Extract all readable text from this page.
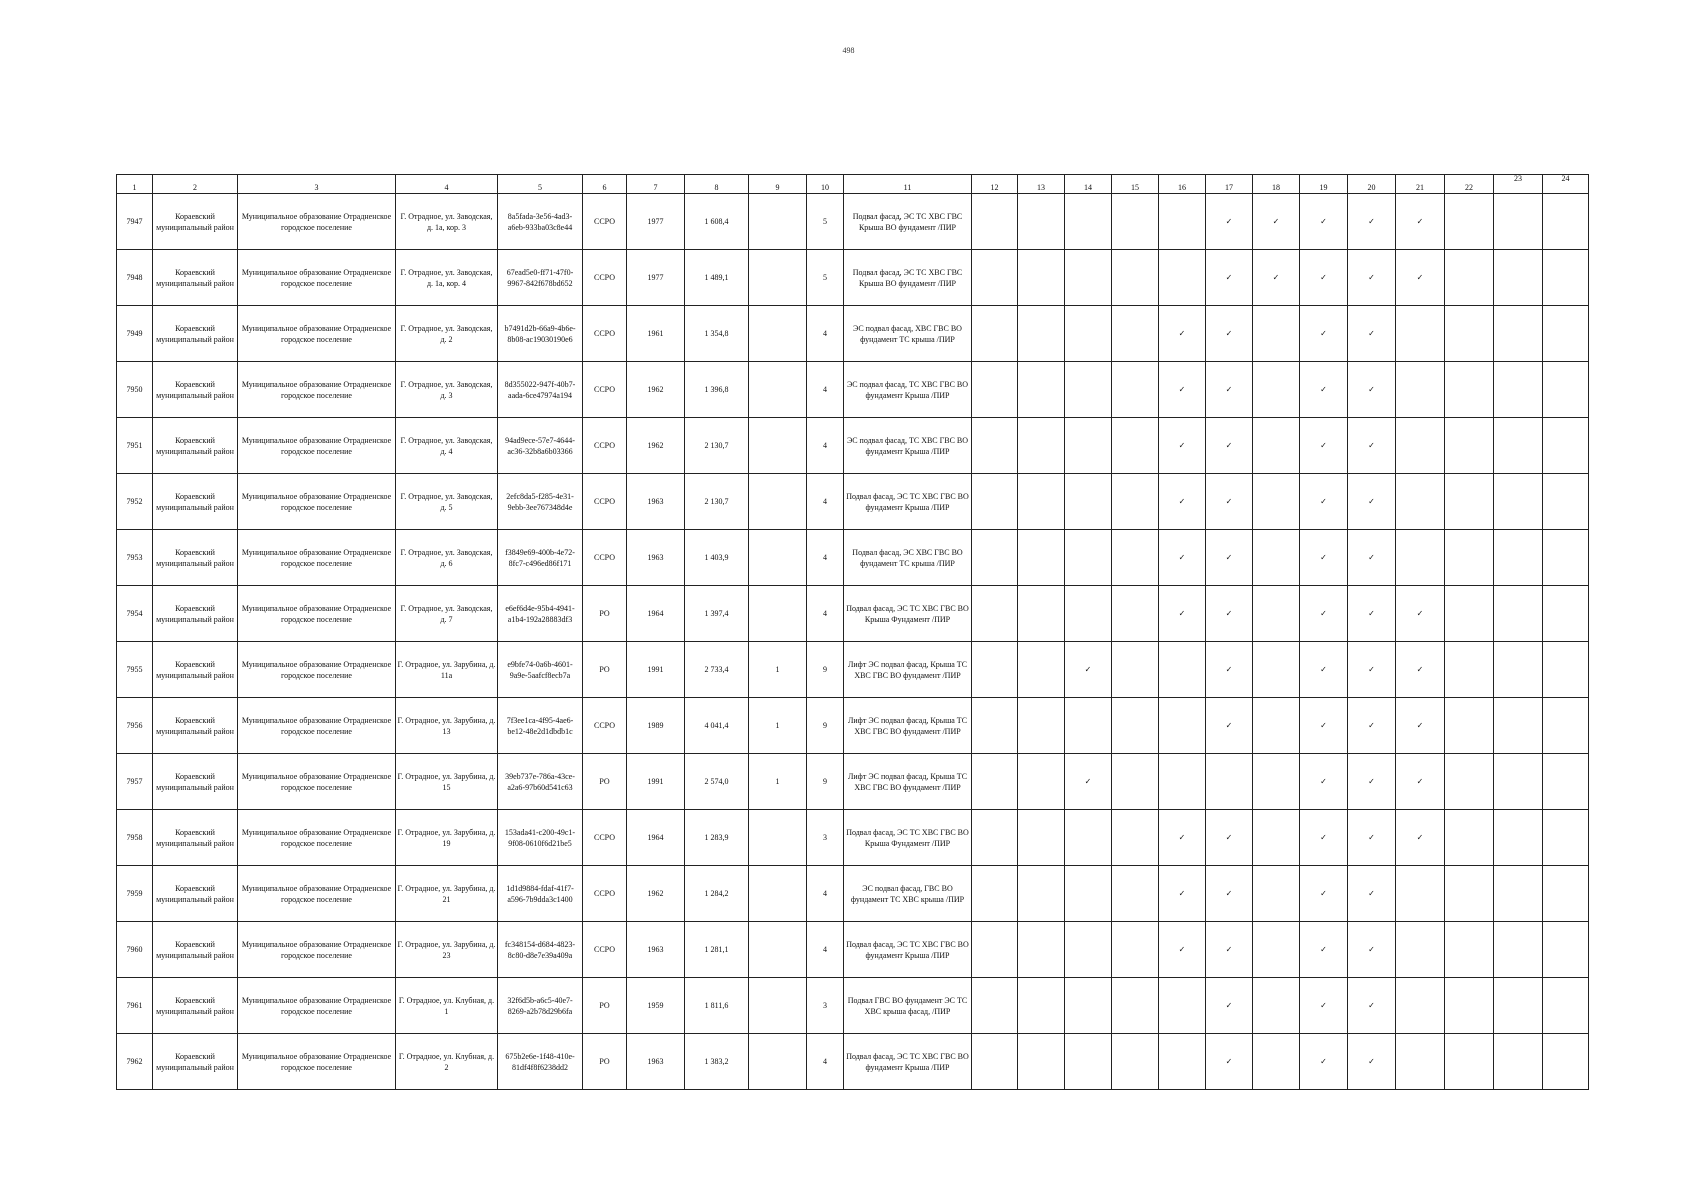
498
1	2	3	4	5	6	7	8	9	10	11	12	13	14	15	16	17	18	19	20	21	22	23	24
7947	Кораевский муниципальный район	Муниципальное образование Отрадненское городское поселение	Г. Отрадное, ул. Заводская, д. 1а, кор. 3	8a5fada-3e56-4ad3-a6eb-933ba03c8e44	ССРО	1977	1 608,4		5	Подвал фасад, ЭС ТС ХВС ГВС Крыша ВО фундамент /ПИР						✓	✓	✓	✓	✓			
7948	Кораевский муниципальный район	Муниципальное образование Отрадненское городское поселение	Г. Отрадное, ул. Заводская, д. 1а, кор. 4	67ead5e0-ff71-47f0-9967-842f678bd652	ССРО	1977	1 489,1		5	Подвал фасад, ЭС ТС ХВС ГВС Крыша ВО фундамент /ПИР						✓	✓	✓	✓	✓			
7949	Кораевский муниципальный район	Муниципальное образование Отрадненское городское поселение	Г. Отрадное, ул. Заводская, д. 2	b7491d2b-66a9-4b6e-8b08-ac19030190e6	ССРО	1961	1 354,8		4	ЭС подвал фасад, ХВС ГВС ВО фундамент ТС крыша /ПИР					✓	✓		✓	✓				
7950	Кораевский муниципальный район	Муниципальное образование Отрадненское городское поселение	Г. Отрадное, ул. Заводская, д. 3	8d355022-947f-40b7-aada-6ce47974a194	ССРО	1962	1 396,8		4	ЭС подвал фасад, ТС ХВС ГВС ВО фундамент Крыша /ПИР					✓	✓		✓	✓				
7951	Кораевский муниципальный район	Муниципальное образование Отрадненское городское поселение	Г. Отрадное, ул. Заводская, д. 4	94ad9ece-57e7-4644-ac36-32b8a6b03366	ССРО	1962	2 130,7		4	ЭС подвал фасад, ТС ХВС ГВС ВО фундамент Крыша /ПИР					✓	✓		✓	✓				
7952	Кораевский муниципальный район	Муниципальное образование Отрадненское городское поселение	Г. Отрадное, ул. Заводская, д. 5	2efc8da5-f285-4e31-9ebb-3ee767348d4e	ССРО	1963	2 130,7		4	Подвал фасад, ЭС ТС ХВС ГВС ВО фундамент Крыша /ПИР					✓	✓		✓	✓				
7953	Кораевский муниципальный район	Муниципальное образование Отрадненское городское поселение	Г. Отрадное, ул. Заводская, д. 6	f3849e69-400b-4e72-8fc7-c496ed86f171	ССРО	1963	1 403,9		4	Подвал фасад, ЭС ХВС ГВС ВО фундамент ТС крыша /ПИР					✓	✓		✓	✓				
7954	Кораевский муниципальный район	Муниципальное образование Отрадненское городское поселение	Г. Отрадное, ул. Заводская, д. 7	e6ef6d4e-95b4-4941-a1b4-192a28883df3	РО	1964	1 397,4		4	Подвал фасад, ЭС ТС ХВС ГВС ВО Крыша Фундамент /ПИР					✓	✓		✓	✓	✓			
7955	Кораевский муниципальный район	Муниципальное образование Отрадненское городское поселение	Г. Отрадное, ул. Зарубина, д. 11а	e9bfe74-0a6b-4601-9a9e-5aafcf8ecb7a	РО	1991	2 733,4	1	9	Лифт ЭС подвал фасад, Крыша ТС ХВС ГВС ВО фундамент /ПИР			✓			✓		✓	✓	✓			
7956	Кораевский муниципальный район	Муниципальное образование Отрадненское городское поселение	Г. Отрадное, ул. Зарубина, д. 13	7f3ee1ca-4f95-4ae6-be12-48e2d1dbdb1c	ССРО	1989	4 041,4	1	9	Лифт ЭС подвал фасад, Крыша ТС ХВС ГВС ВО фундамент /ПИР						✓		✓	✓	✓			
7957	Кораевский муниципальный район	Муниципальное образование Отрадненское городское поселение	Г. Отрадное, ул. Зарубина, д. 15	39eb737e-786a-43ce-a2a6-97b60d541c63	РО	1991	2 574,0	1	9	Лифт ЭС подвал фасад, Крыша ТС ХВС ГВС ВО фундамент /ПИР			✓					✓	✓	✓			
7958	Кораевский муниципальный район	Муниципальное образование Отрадненское городское поселение	Г. Отрадное, ул. Зарубина, д. 19	153ada41-c200-49c1-9f08-0610f6d21be5	ССРО	1964	1 283,9		3	Подвал фасад, ЭС ТС ХВС ГВС ВО Крыша Фундамент /ПИР					✓	✓		✓	✓	✓			
7959	Кораевский муниципальный район	Муниципальное образование Отрадненское городское поселение	Г. Отрадное, ул. Зарубина, д. 21	1d1d9884-fdaf-41f7-a596-7b9dda3c1400	ССРО	1962	1 284,2		4	ЭС подвал фасад, ГВС ВО фундамент ТС ХВС крыша /ПИР					✓	✓		✓	✓				
7960	Кораевский муниципальный район	Муниципальное образование Отрадненское городское поселение	Г. Отрадное, ул. Зарубина, д. 23	fc348154-d684-4823-8c80-d8e7e39a409a	ССРО	1963	1 281,1		4	Подвал фасад, ЭС ТС ХВС ГВС ВО фундамент Крыша /ПИР					✓	✓		✓	✓				
7961	Кораевский муниципальный район	Муниципальное образование Отрадненское городское поселение	Г. Отрадное, ул. Клубная, д. 1	32f6d5b-a6c5-40e7-8269-a2b78d29b6fa	РО	1959	1 811,6		3	Подвал ГВС ВО фундамент ЭС ТС ХВС крыша фасад, /ПИР						✓		✓	✓				
7962	Кораевский муниципальный район	Муниципальное образование Отрадненское городское поселение	Г. Отрадное, ул. Клубная, д. 2	675b2e6e-1f48-410e-81df4f8f6238dd2	РО	1963	1 383,2		4	Подвал фасад, ЭС ТС ХВС ГВС ВО фундамент Крыша /ПИР						✓		✓	✓				
